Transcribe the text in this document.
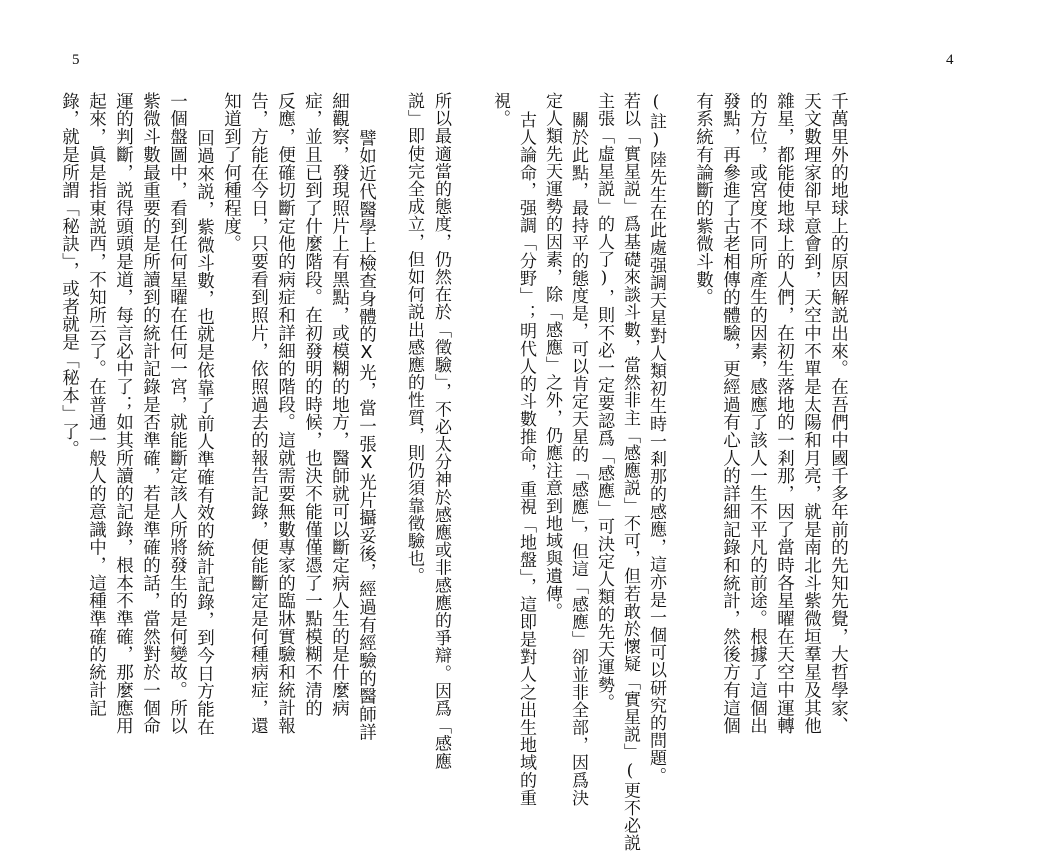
5	4
千萬里外的地球上的原因解説出來。在吾們中國千多年前的先知先覺，大哲學家、
天文數理家卻早意會到，天空中不單是太陽和月亮，就是南北斗紫微垣羣星及其他
雜星，都能使地球上的人們，在初生落地的一剎那，因了當時各星曜在天空中運轉
的方位，或宮度不同所產生的因素，感應了該人一生不平凡的前途。根據了這個出
發點，再參進了古老相傳的體驗，更經過有心人的詳細記錄和統計，然後方有這個
有系統有論斷的紫微斗數。
(註)陸先生在此處强調天星對人類初生時一剎那的感應，這亦是一個可以研究的問題。
若以「實星説」爲基礎來談斗數，當然非主「感應説」不可，但若敢於懷疑「實星説」(更不必説
主張「虛星説」的人了)，則不必一定要認爲「感應」可決定人類的先天運勢。
關於此點，最持平的態度是，可以肯定天星的「感應」，但這「感應」卻並非全部，因爲決
定人類先天運勢的因素，除「感應」之外，仍應注意到地域與遺傳。
古人論命，强調「分野」；明代人的斗數推命，重視「地盤」，這即是對人之出生地域的重
視。
所以最適當的態度，仍然在於「徵驗」，不必太分神於感應或非感應的爭辯。因爲「感應
説」即使完全成立，但如何説出感應的性質，則仍須靠徵驗也。
譬如近代醫學上檢查身體的X光，當一張X光片攝妥後，經過有經驗的醫師詳
細觀察，發現照片上有黑點，或模糊的地方，醫師就可以斷定病人生的是什麼病
症，並且已到了什麼階段。在初發明的時候，也決不能僅僅憑了一點模糊不清的
反應，便確切斷定他的病症和詳細的階段。這就需要無數專家的臨牀實驗和統計報
告，方能在今日，只要看到照片，依照過去的報告記錄，便能斷定是何種病症，還
知道到了何種程度。
回過來説，紫微斗數，也就是依靠了前人準確有效的統計記錄，到今日方能在
一個盤圖中，看到任何星曜在任何一宮，就能斷定該人所將發生的是何變故。所以
紫微斗數最重要的是所讀到的統計記錄是否準確，若是準確的話，當然對於一個命
運的判斷，説得頭頭是道，每言必中了；如其所讀的記錄，根本不準確，那麼應用
起來，眞是指東説西，不知所云了。在普通一般人的意識中，這種準確的統計記
錄，就是所謂「秘訣」，或者就是「秘本」了。
